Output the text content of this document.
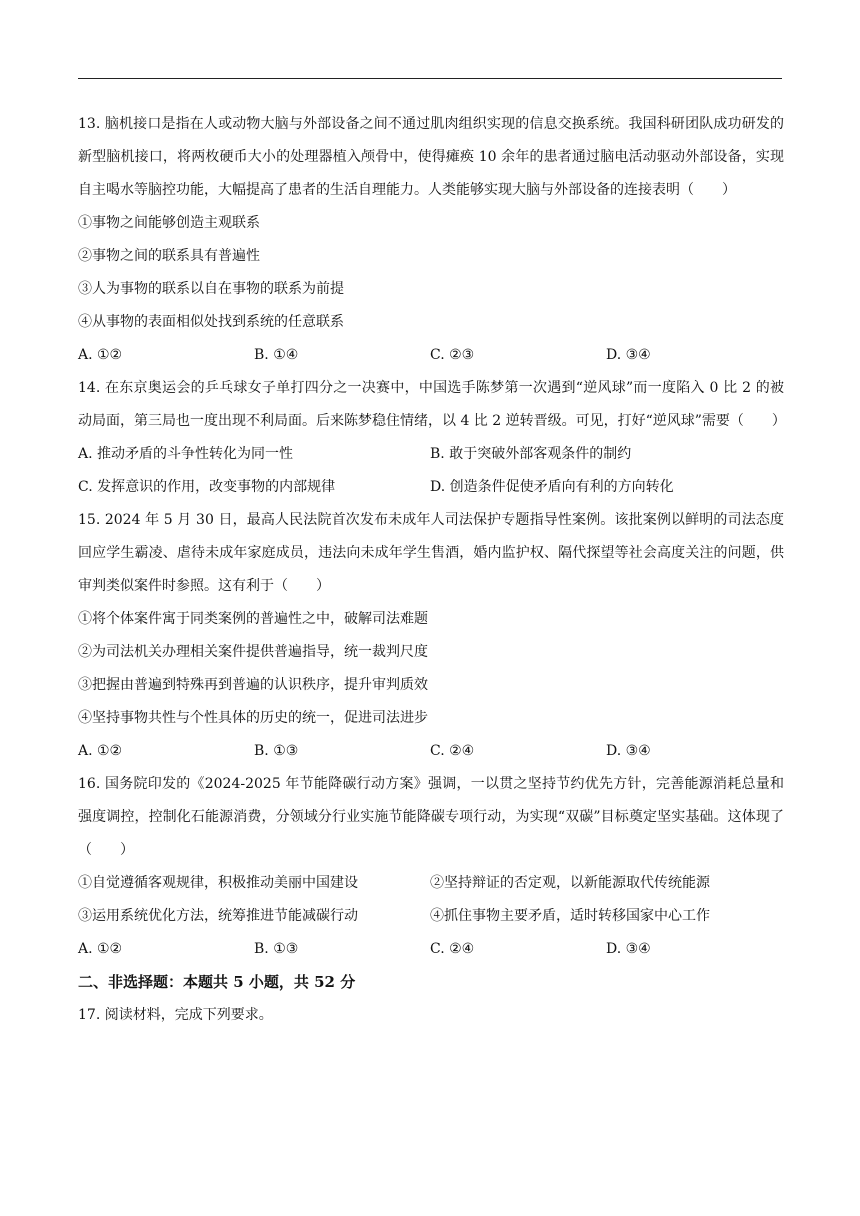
13. 脑机接口是指在人或动物大脑与外部设备之间不通过肌肉组织实现的信息交换系统。我国科研团队成功研发的新型脑机接口，将两枚硬币大小的处理器植入颅骨中，使得瘫痪 10 余年的患者通过脑电活动驱动外部设备，实现自主喝水等脑控功能，大幅提高了患者的生活自理能力。人类能够实现大脑与外部设备的连接表明（　　）

①事物之间能够创造主观联系
②事物之间的联系具有普遍性
③人为事物的联系以自在事物的联系为前提
④从事物的表面相似处找到系统的任意联系
A. ①②	B. ①④	C. ②③	D. ③④

14. 在东京奥运会的乒乓球女子单打四分之一决赛中，中国选手陈梦第一次遇到“逆风球”而一度陷入 0 比 2 的被动局面，第三局也一度出现不利局面。后来陈梦稳住情绪，以 4 比 2 逆转晋级。可见，打好“逆风球”需要（　　）

A. 推动矛盾的斗争性转化为同一性	B. 敢于突破外部客观条件的制约
C. 发挥意识的作用，改变事物的内部规律	D. 创造条件促使矛盾向有利的方向转化

15. 2024 年 5 月 30 日，最高人民法院首次发布未成年人司法保护专题指导性案例。该批案例以鲜明的司法态度回应学生霸凌、虐待未成年家庭成员，违法向未成年学生售酒，婚内监护权、隔代探望等社会高度关注的问题，供审判类似案件时参照。这有利于（　　）

①将个体案件寓于同类案例的普遍性之中，破解司法难题
②为司法机关办理相关案件提供普遍指导，统一裁判尺度
③把握由普遍到特殊再到普遍的认识秩序，提升审判质效
④坚持事物共性与个性具体的历史的统一，促进司法进步
A. ①②	B. ①③	C. ②④	D. ③④

16. 国务院印发的《2024-2025 年节能降碳行动方案》强调，一以贯之坚持节约优先方针，完善能源消耗总量和强度调控，控制化石能源消费，分领域分行业实施节能降碳专项行动，为实现“双碳”目标奠定坚实基础。这体现了（　　）

①自觉遵循客观规律，积极推动美丽中国建设	②坚持辩证的否定观，以新能源取代传统能源
③运用系统优化方法，统筹推进节能减碳行动	④抓住事物主要矛盾，适时转移国家中心工作
A. ①②	B. ①③	C. ②④	D. ③④
二、非选择题：本题共 5 小题，共 52 分
17. 阅读材料，完成下列要求。
